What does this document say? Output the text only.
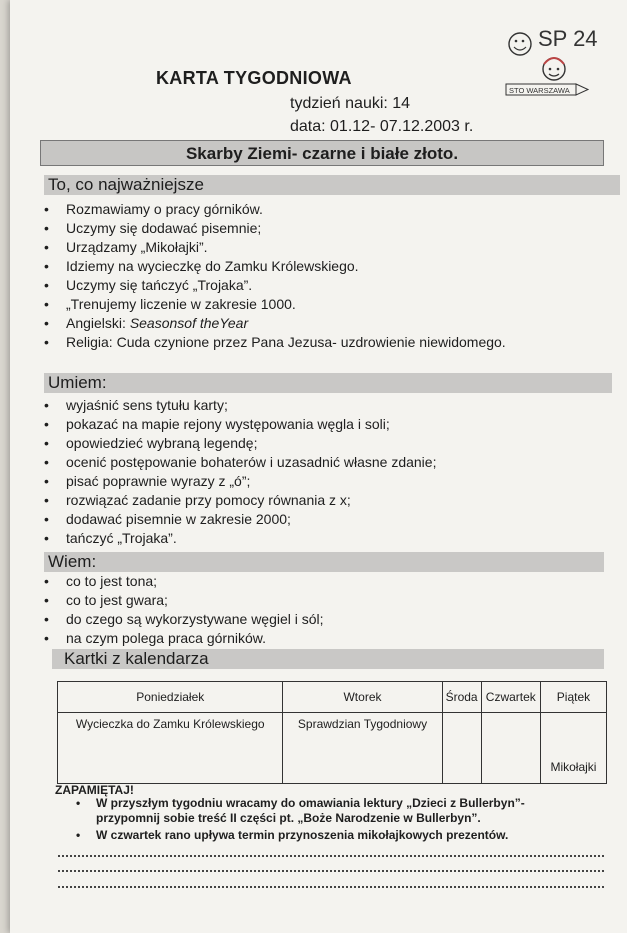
SP 24
STO WARSZAWA
KARTA TYGODNIOWA
tydzień nauki: 14
data: 01.12- 07.12.2003 r.
Skarby Ziemi- czarne i białe złoto.
To, co najważniejsze
• Rozmawiamy o pracy górników.
• Uczymy się dodawać pisemnie;
• Urządzamy „Mikołajki”.
• Idziemy na wycieczkę do Zamku Królewskiego.
• Uczymy się tańczyć „Trojaka”.
• „Trenujemy liczenie w zakresie 1000.
• Angielski: Seasonsof theYear
• Religia: Cuda czynione przez Pana Jezusa- uzdrowienie niewidomego.
Umiem:
• wyjaśnić sens tytułu karty;
• pokazać na mapie rejony występowania węgla i soli;
• opowiedzieć wybraną legendę;
• ocenić postępowanie bohaterów i uzasadnić własne zdanie;
• pisać poprawnie wyrazy z „ó”;
• rozwiązać zadanie przy pomocy równania z x;
• dodawać pisemnie w zakresie 2000;
• tańczyć „Trojaka”.
Wiem:
• co to jest tona;
• co to jest gwara;
• do czego są wykorzystywane węgiel i sól;
• na czym polega praca górników.
Kartki z kalendarza
Poniedziałek	Wtorek	Środa	Czwartek	Piątek
Wycieczka do Zamku Królewskiego	Sprawdzian Tygodniowy			Mikołajki
ZAPAMIĘTAJ!
• W przyszłym tygodniu wracamy do omawiania lektury „Dzieci z Bullerbyn”- przypomnij sobie treść II części pt. „Boże Narodzenie w Bullerbyn”.
• W czwartek rano upływa termin przynoszenia mikołajkowych prezentów.
